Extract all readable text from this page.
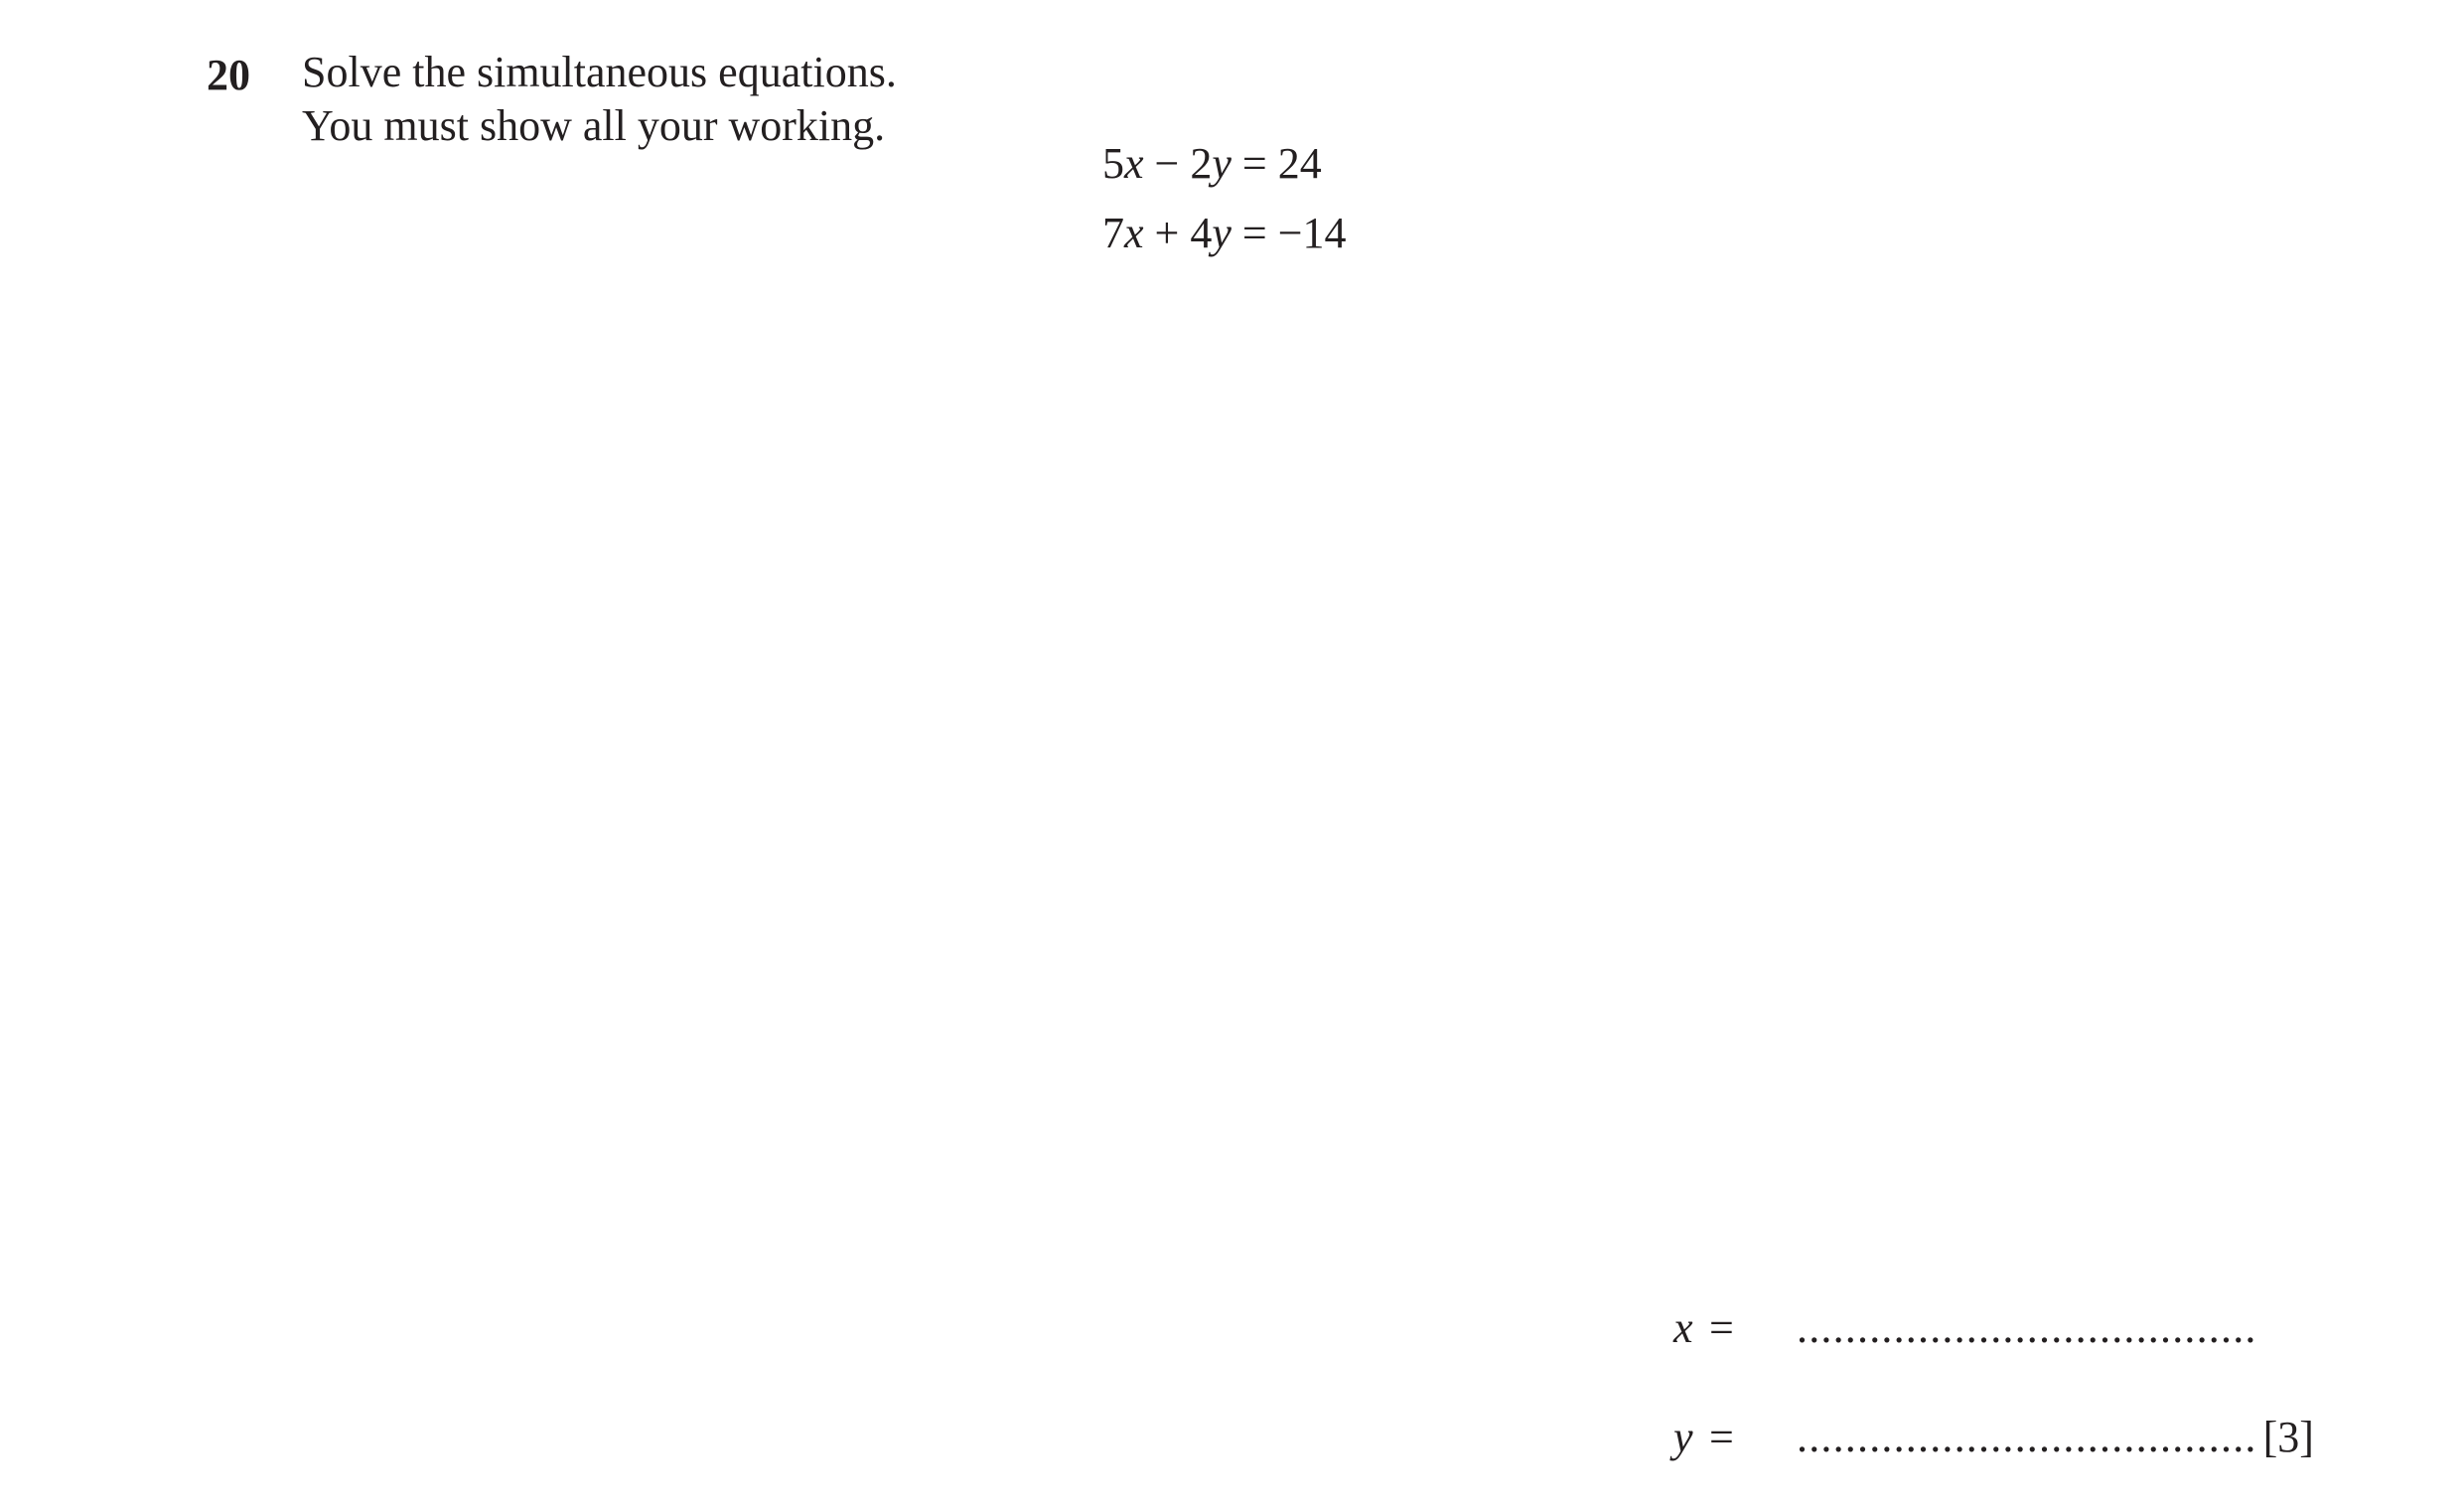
20 Solve the simultaneous equations.
You must show all your working.
5x − 2y = 24
7x + 4y = −14
x =	......................................
y =	...................................... [3]
